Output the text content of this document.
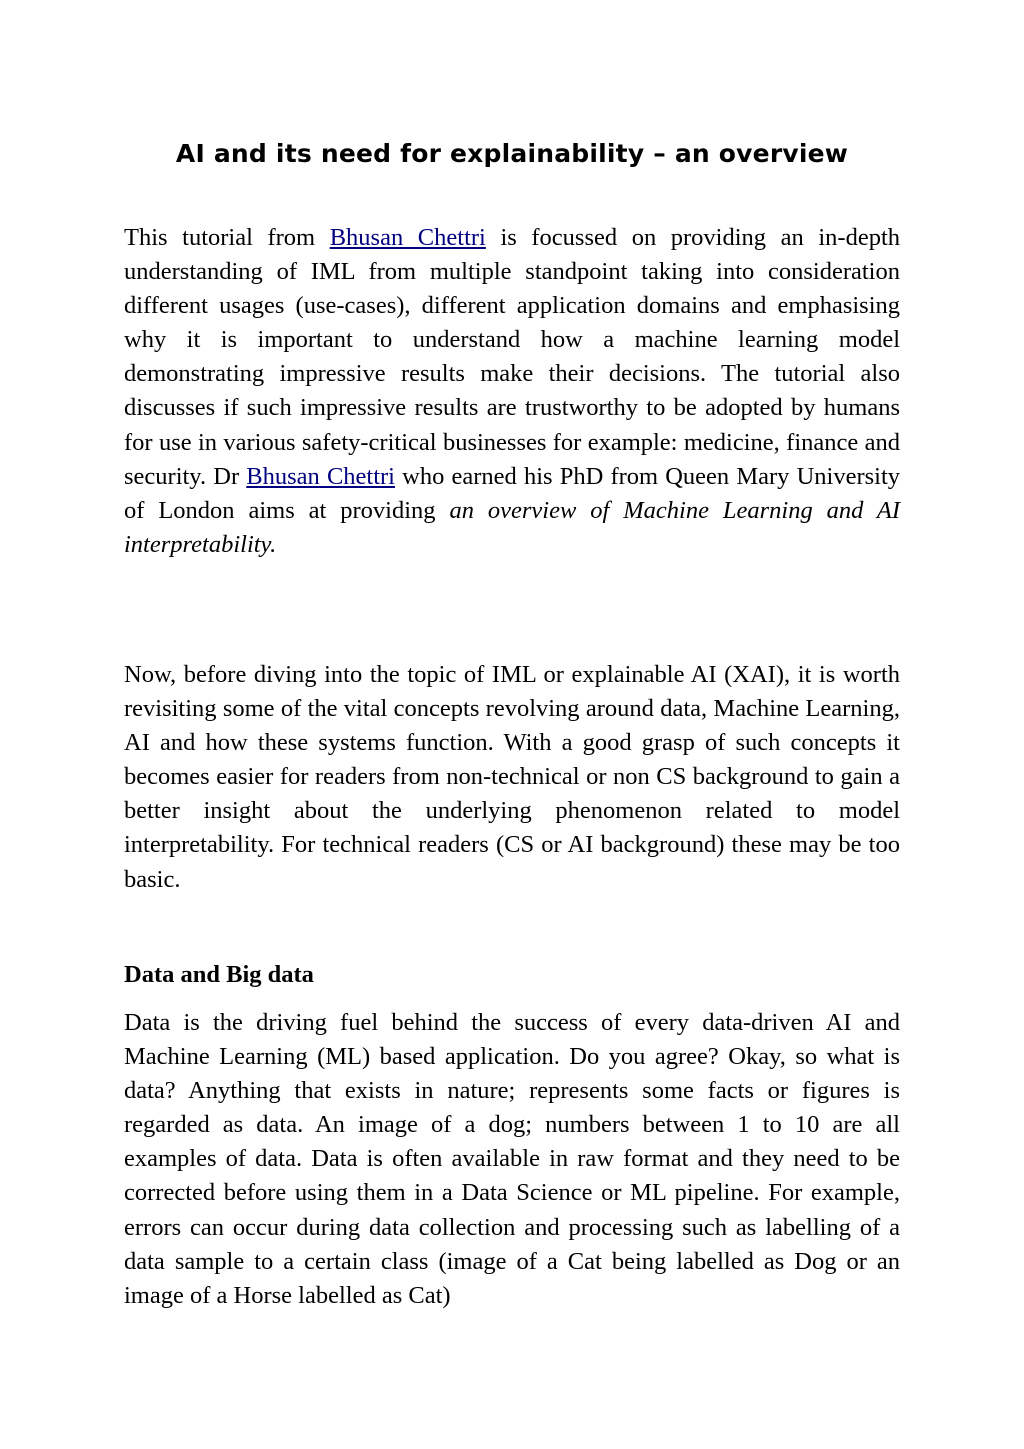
AI and its need for explainability – an overview

This tutorial from Bhusan Chettri is focussed on providing an in-depth understanding of IML from multiple standpoint taking into consideration different usages (use-cases), different application domains and emphasising why it is important to understand how a machine learning model demonstrating impressive results make their decisions. The tutorial also discusses if such impressive results are trustworthy to be adopted by humans for use in various safety-critical businesses for example: medicine, finance and security. Dr Bhusan Chettri who earned his PhD from Queen Mary University of London aims at providing an overview of Machine Learning and AI interpretability.

Now, before diving into the topic of IML or explainable AI (XAI), it is worth revisiting some of the vital concepts revolving around data, Machine Learning, AI and how these systems function. With a good grasp of such concepts it becomes easier for readers from non-technical or non CS background to gain a better insight about the underlying phenomenon related to model interpretability. For technical readers (CS or AI background) these may be too basic.

Data and Big data

Data is the driving fuel behind the success of every data-driven AI and Machine Learning (ML) based application. Do you agree? Okay, so what is data? Anything that exists in nature; represents some facts or figures is regarded as data. An image of a dog; numbers between 1 to 10 are all examples of data. Data is often available in raw format and they need to be corrected before using them in a Data Science or ML pipeline. For example, errors can occur during data collection and processing such as labelling of a data sample to a certain class (image of a Cat being labelled as Dog or an image of a Horse labelled as Cat)
